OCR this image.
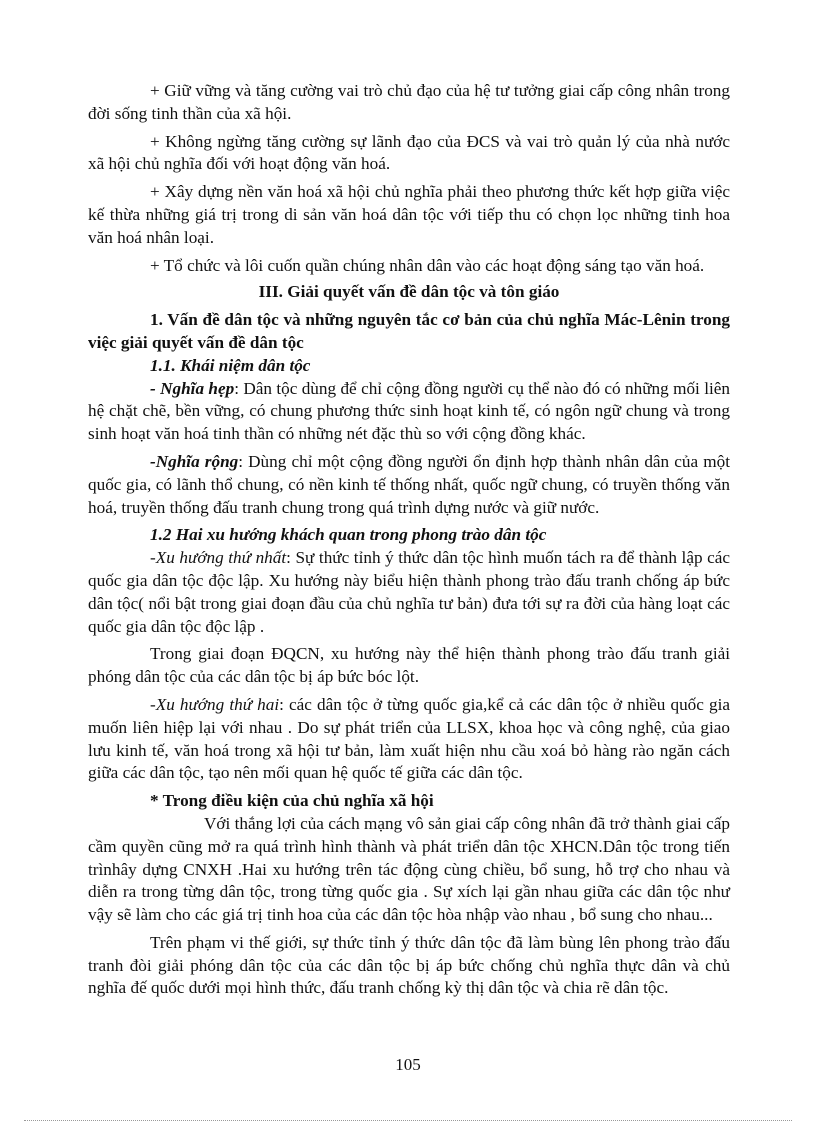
+ Giữ vững và tăng cường vai trò chủ đạo của hệ tư tưởng giai cấp công nhân trong đời sống tinh thần của xã hội.

+ Không ngừng tăng cường sự lãnh đạo của ĐCS và vai trò quản lý của nhà nước xã hội chủ nghĩa đối với hoạt động văn hoá.

+ Xây dựng nền văn hoá xã hội chủ nghĩa phải theo phương thức kết hợp giữa việc kế thừa những giá trị trong di sản văn hoá dân tộc với tiếp thu có chọn lọc những tinh hoa văn hoá nhân loại.

+ Tổ chức và lôi cuốn quần chúng nhân dân vào các hoạt động sáng tạo văn hoá.

III. Giải quyết vấn đề dân tộc và tôn giáo

1. Vấn đề dân tộc và những nguyên tắc cơ bản của chủ nghĩa Mác-Lênin trong việc giải quyết vấn đề dân tộc

1.1. Khái niệm dân tộc

- Nghĩa hẹp: Dân tộc dùng để chỉ cộng đồng người cụ thể nào đó có những mối liên hệ chặt chẽ, bền vững, có chung phương thức sinh hoạt kinh tế, có ngôn ngữ chung và trong sinh hoạt văn hoá tinh thần có những nét đặc thù so với cộng đồng khác.

-Nghĩa rộng: Dùng chỉ một cộng đồng người ổn định hợp thành nhân dân của một quốc gia, có lãnh thổ chung, có nền kinh tế thống nhất, quốc ngữ chung, có truyền thống văn hoá, truyền thống đấu tranh chung trong quá trình dựng nước và giữ nước.

1.2 Hai xu hướng khách quan trong phong trào dân tộc

-Xu hướng thứ nhất: Sự thức tỉnh ý thức dân tộc hình muốn tách ra để thành lập các quốc gia dân tộc độc lập. Xu hướng này biểu hiện thành phong trào đấu tranh chống áp bức dân tộc( nổi bật trong giai đoạn đầu của chủ nghĩa tư bản) đưa tới sự ra đời của hàng loạt các quốc gia dân tộc độc lập .

Trong giai đoạn ĐQCN, xu hướng này thể hiện thành phong trào đấu tranh giải phóng dân tộc của các dân tộc bị áp bức bóc lột.

-Xu hướng thứ hai: các dân tộc ở từng quốc gia,kể cả các dân tộc ở nhiều quốc gia muốn liên hiệp lại với nhau . Do sự phát triển của LLSX, khoa học và công nghệ, của giao lưu kinh tế, văn hoá trong xã hội tư bản, làm xuất hiện nhu cầu xoá bỏ hàng rào ngăn cách giữa các dân tộc, tạo nên mối quan hệ quốc tế giữa các dân tộc.

* Trong điều kiện của chủ nghĩa xã hội

Với thắng lợi của cách mạng vô sản giai cấp công nhân đã trở thành giai cấp cầm quyền cũng mở ra quá trình hình thành và phát triển dân tộc XHCN.Dân tộc trong tiến trìnhây dựng CNXH .Hai xu hướng trên tác động cùng chiều, bổ sung, hỗ trợ cho nhau và diễn ra trong từng dân tộc, trong từng quốc gia . Sự xích lại gần nhau giữa các dân tộc như vậy sẽ làm cho các giá trị tinh hoa của các dân tộc hòa nhập vào nhau , bổ sung cho nhau...

Trên phạm vi thế giới, sự thức tỉnh ý thức dân tộc đã làm bùng lên phong trào đấu tranh đòi giải phóng dân tộc của các dân tộc bị áp bức chống chủ nghĩa thực dân và chủ nghĩa đế quốc dưới mọi hình thức, đấu tranh chống kỳ thị dân tộc và chia rẽ dân tộc.

105
